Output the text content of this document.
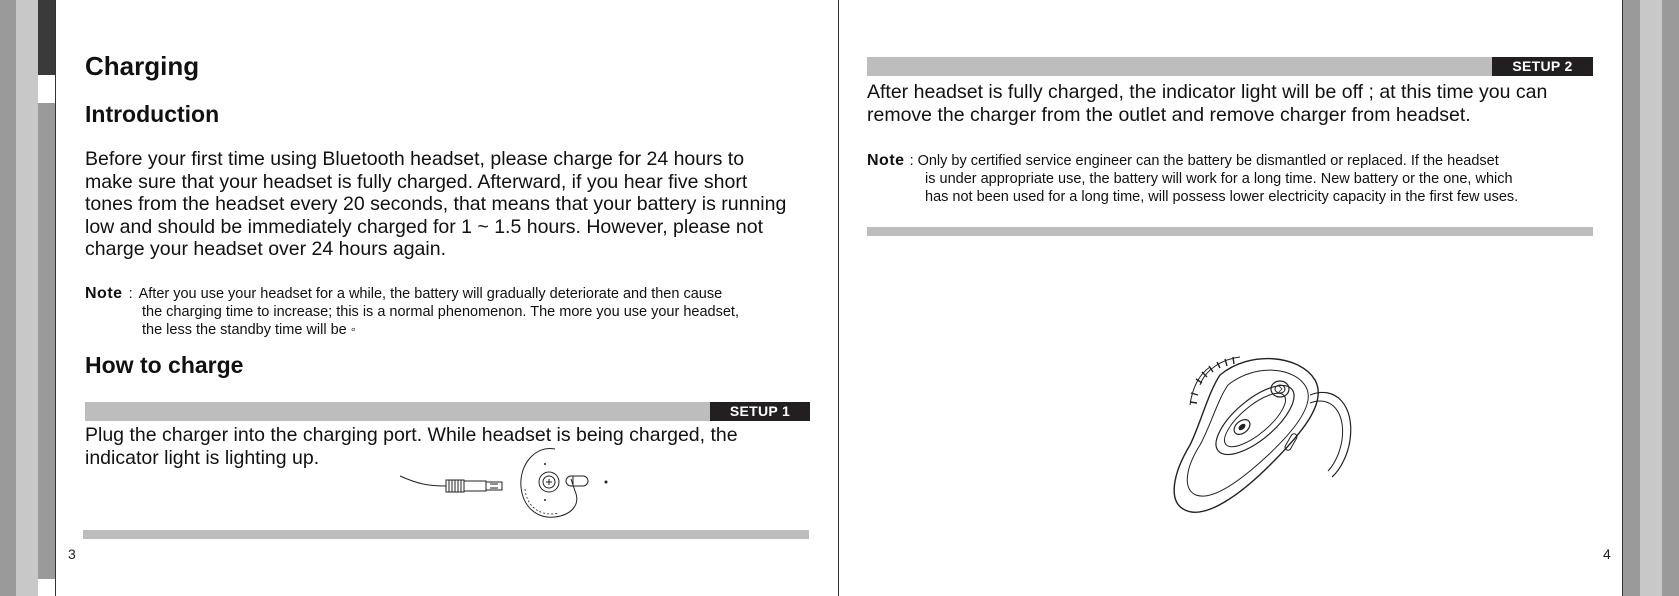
Charging
Introduction
Before your first time using Bluetooth headset, please charge for 24 hours to
make sure that your headset is fully charged. Afterward, if you hear five short
tones from the headset every 20 seconds, that means that your battery is running
low and should be immediately charged for 1 ~ 1.5 hours. However, please not
charge your headset over 24 hours again.
Note : After you use your headset for a while, the battery will gradually deteriorate and then cause
the charging time to increase; this is a normal phenomenon. The more you use your headset,
the less the standby time will be ◦
How to charge
SETUP 1
Plug the charger into the charging port. While headset is being charged, the
indicator light is lighting up.
3
SETUP 2
After headset is fully charged, the indicator light will be off ; at this time you can
remove the charger from the outlet and remove charger from headset.
Note : Only by certified service engineer can the battery be dismantled or replaced. If the headset
is under appropriate use, the battery will work for a long time. New battery or the one, which
has not been used for a long time, will possess lower electricity capacity in the first few uses.
4
